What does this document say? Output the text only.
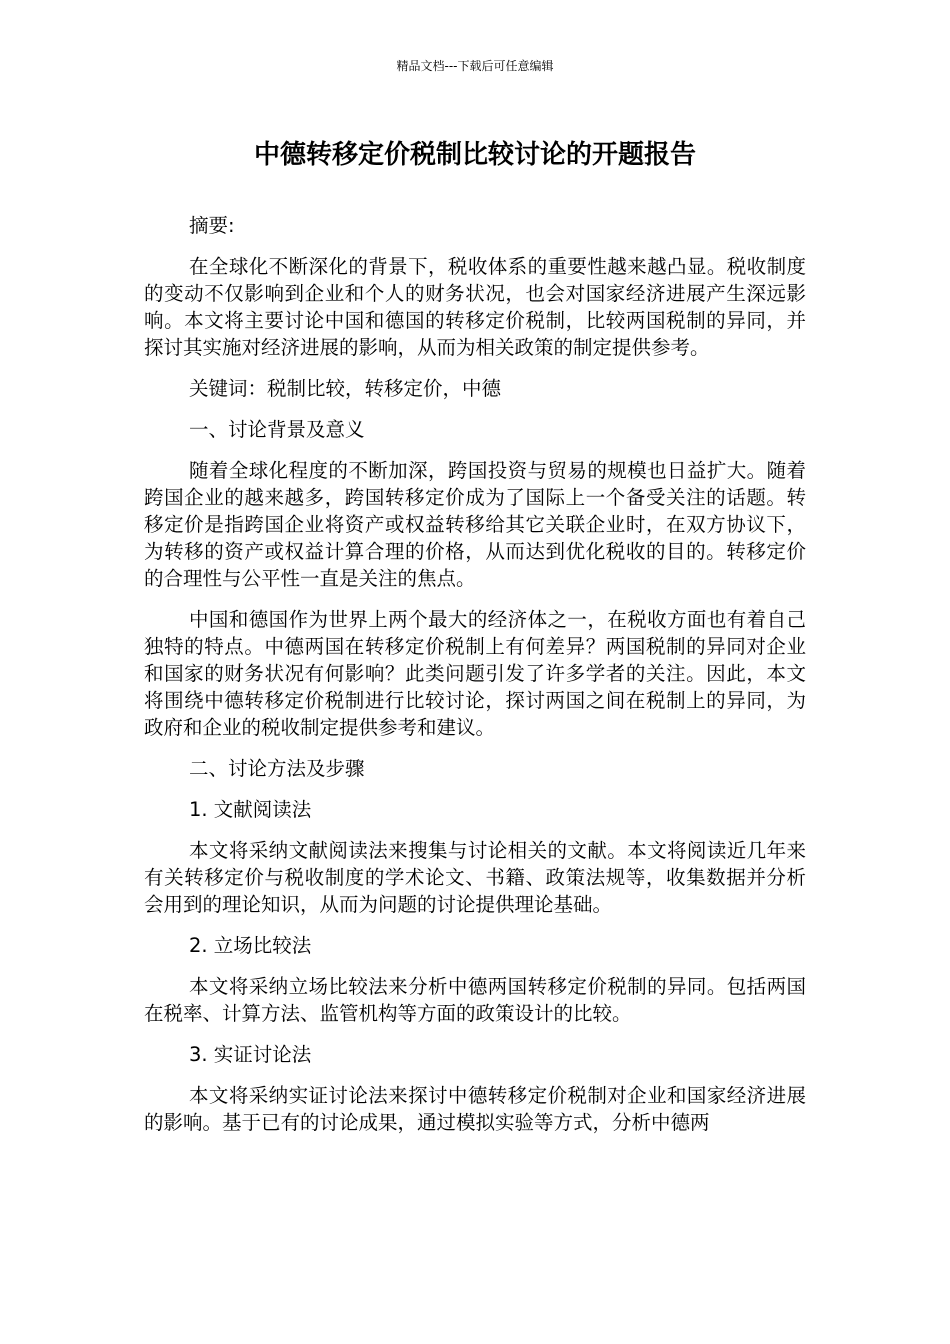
精品文档---下载后可任意编辑
中德转移定价税制比较讨论的开题报告

摘要:

在全球化不断深化的背景下，税收体系的重要性越来越凸显。税收制度的变动不仅影响到企业和个人的财务状况，也会对国家经济进展产生深远影响。本文将主要讨论中国和德国的转移定价税制，比较两国税制的异同，并探讨其实施对经济进展的影响，从而为相关政策的制定提供参考。

关键词：税制比较，转移定价，中德

一、讨论背景及意义

随着全球化程度的不断加深，跨国投资与贸易的规模也日益扩大。随着跨国企业的越来越多，跨国转移定价成为了国际上一个备受关注的话题。转移定价是指跨国企业将资产或权益转移给其它关联企业时，在双方协议下，为转移的资产或权益计算合理的价格，从而达到优化税收的目的。转移定价的合理性与公平性一直是关注的焦点。

中国和德国作为世界上两个最大的经济体之一，在税收方面也有着自己独特的特点。中德两国在转移定价税制上有何差异？两国税制的异同对企业和国家的财务状况有何影响？此类问题引发了许多学者的关注。因此，本文将围绕中德转移定价税制进行比较讨论，探讨两国之间在税制上的异同，为政府和企业的税收制定提供参考和建议。

二、讨论方法及步骤

1. 文献阅读法

本文将采纳文献阅读法来搜集与讨论相关的文献。本文将阅读近几年来有关转移定价与税收制度的学术论文、书籍、政策法规等，收集数据并分析会用到的理论知识，从而为问题的讨论提供理论基础。

2. 立场比较法

本文将采纳立场比较法来分析中德两国转移定价税制的异同。包括两国在税率、计算方法、监管机构等方面的政策设计的比较。

3. 实证讨论法

本文将采纳实证讨论法来探讨中德转移定价税制对企业和国家经济进展的影响。基于已有的讨论成果，通过模拟实验等方式，分析中德两
